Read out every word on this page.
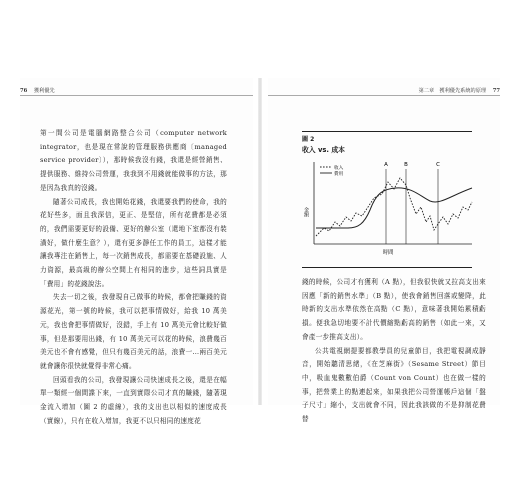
76 獲利優先

第一間公司是電腦網路整合公司（computer network integrator，也是現在常說的管理服務供應商〔managed service provider〕），那時候我沒有錢，我還是經營銷售、提供服務、維持公司營運，我我到不用錢就能做事的方法，那是因為我真的沒錢。

隨著公司成長，我也開始花錢，我還要我們的使命，我的花好些多，面且我深信，更正、是堅信，所有花費都是必須的，我們需要更好的設備、更好的辦公室（還地下室都沒有裝潢好，做什麼生意？），還有更多靜任工作的員工，這樣才能讓我專注在銷售上，每一次銷售成長，都需要在基礎設施、人力資源，最高級的辦公空間上有相同的進步，這些詞具實是「費用」的花錢說法。

失去一切之後，我發現自己做事的時候，都會把賺錢的資源花光，第一號的時候，我可以把事情做好，給我 10 萬美元，我也會把事情做好，沒錯，手上有 10 萬美元會比較好做事，但是那要用出錢，有 10 萬美元可以花的時候，浪費幾百美元也不會有感覺，但只有幾百美元的話，浪費一…兩百美元就會讓你很快就覺得非常心痛。

回頭看我的公司，我發現讓公司快速成長之後，還是在幅單一類經一個間諜下來，一直到實際公司才真的賺錢，隨著現金流入增加（圖 2 的虛線），我的支出也以相似的速度成長（實線），只有在收入增加，我更不以只相同的速度花

第二章　獲利優先系統的原理 77
圖 2
收入 vs. 成本
金額
時間
收入
費用
A	B	C

錢的時候，公司才有獲利（A 點），但我很快就又拉高支出來因應「新的銷售水準」（B 點），使我會銷售回落或變降，此時新的支出水準依然在高點（C 點），意味著我開始累積虧損。便我急切地要不計代價縮點虧高的銷售（如此一來，又會產一步推高支出）。

公共電視網提要都教學員的兒童節目，我把電視調成靜音，開始聽清思緒，《在芝麻街》（Sesame Street）節目中，吸血鬼數數伯爵（Count von Count）也在做一樣的事，把營業上的點連起來，如果我把公司營運帳戶這個「盤子尺寸」縮小，支出就會不同，因此我該做的不是抑制花費替
